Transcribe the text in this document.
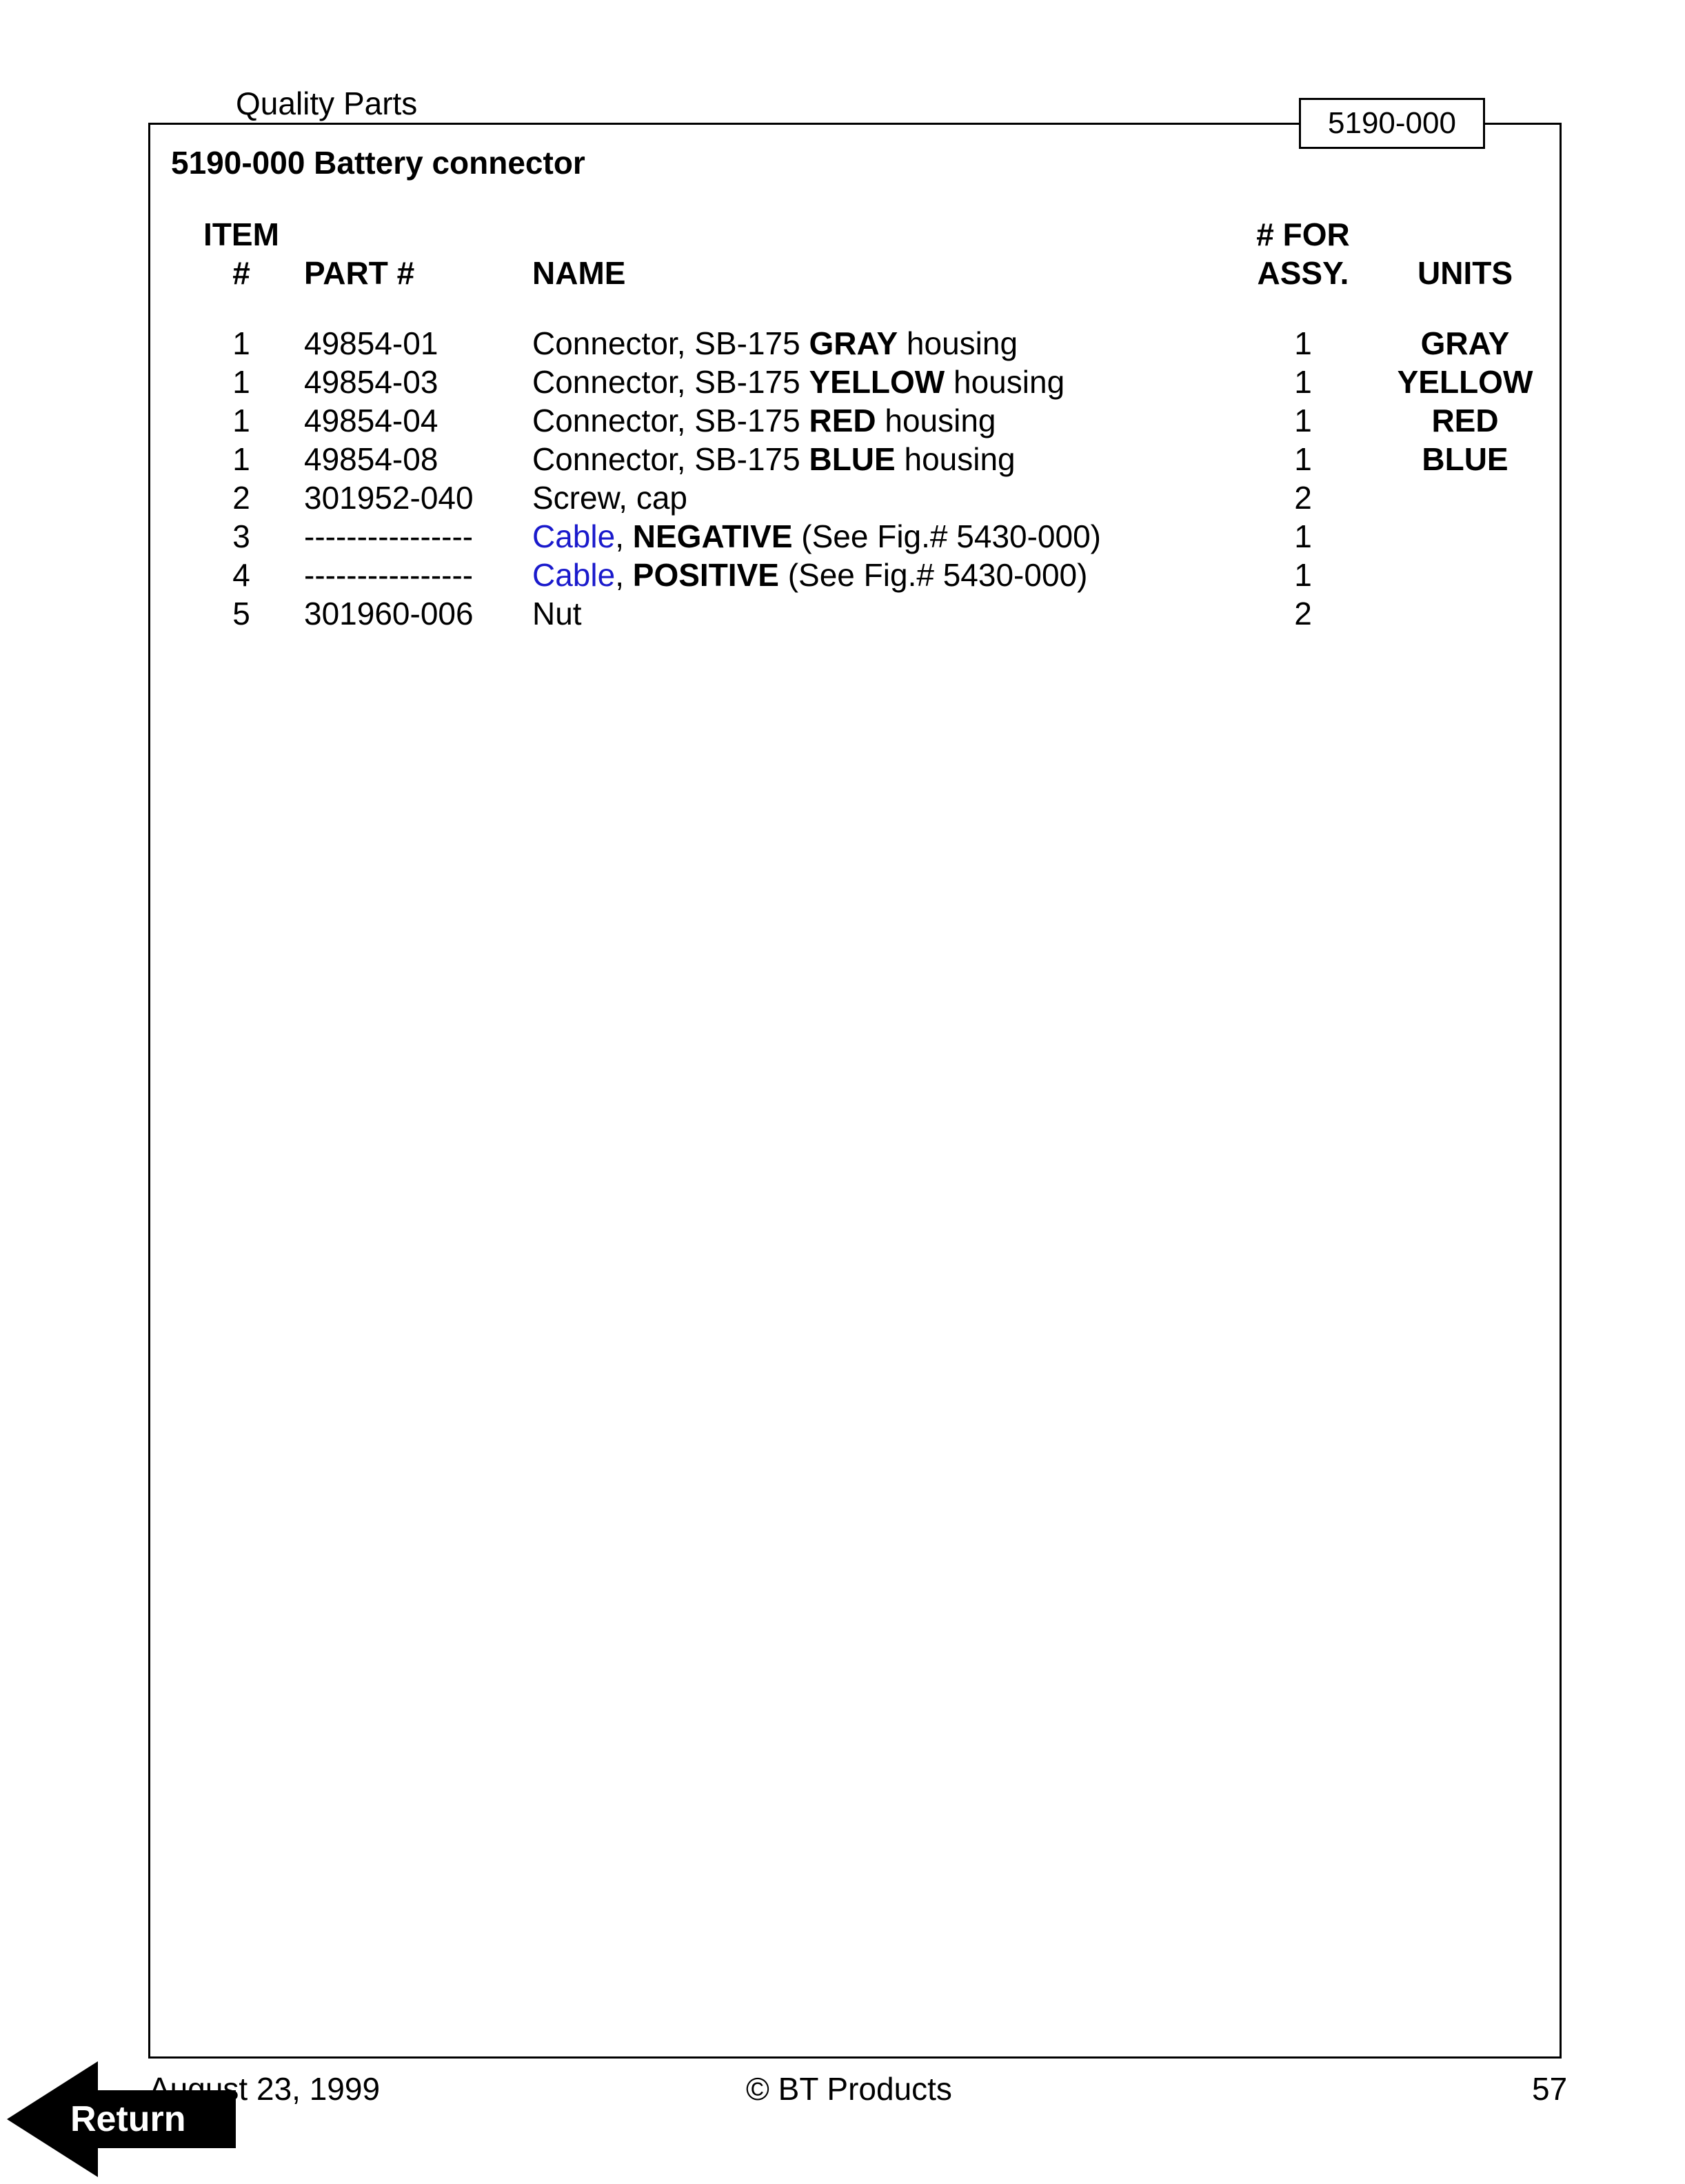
Quality Parts
5190-000
5190-000 Battery connector
ITEM
#	PART #	NAME
# FOR
ASSY.	UNITS
1	49854-01	Connector, SB-175 GRAY housing	1	GRAY
1	49854-03	Connector, SB-175 YELLOW housing	1	YELLOW
1	49854-04	Connector, SB-175 RED housing	1	RED
1	49854-08	Connector, SB-175 BLUE housing	1	BLUE
2	301952-040 Screw, cap	2
3	---------------- Cable, NEGATIVE (See Fig.# 5430-000)	1
4	---------------- Cable, POSITIVE (See Fig.# 5430-000)	1
5	301960-006 Nut	2
August 23, 1999	© BT Products	57
Return
